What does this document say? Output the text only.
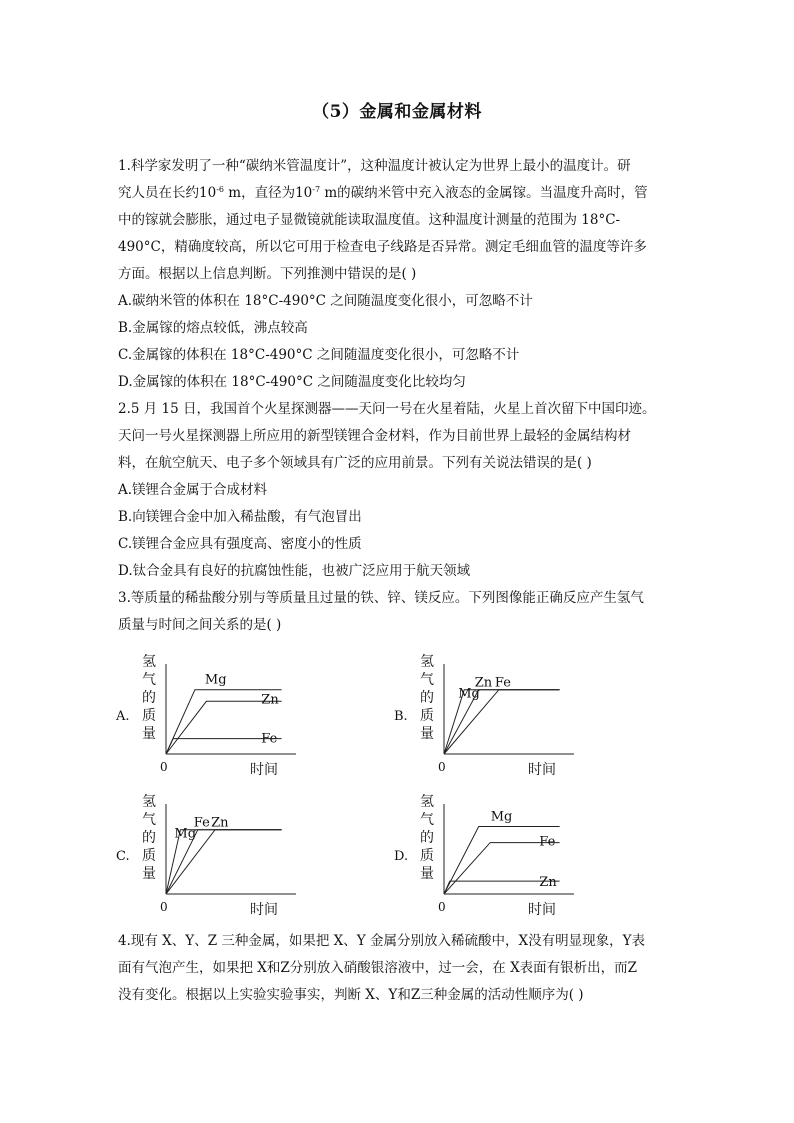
（5）金属和金属材料
1.科学家发明了一种“碳纳米管温度计”，这种温度计被认定为世界上最小的温度计。研
究人员在长约$10^{-6}$ m，直径为$10^{-7}$ m的碳纳米管中充入液态的金属镓。当温度升高时，管
中的镓就会膨胀，通过电子显微镜就能读取温度值。这种温度计测量的范围为 18°C-
490°C，精确度较高，所以它可用于检查电子线路是否异常。测定毛细血管的温度等许多
方面。根据以上信息判断。下列推测中错误的是( )
A.碳纳米管的体积在 18°C-490°C 之间随温度变化很小，可忽略不计
B.金属镓的熔点较低，沸点较高
C.金属镓的体积在 18°C-490°C 之间随温度变化很小，可忽略不计
D.金属镓的体积在 18°C-490°C 之间随温度变化比较均匀
2.5 月 15 日，我国首个火星探测器——天问一号在火星着陆，火星上首次留下中国印迹。
天问一号火星探测器上所应用的新型镁锂合金材料，作为目前世界上最轻的金属结构材
料，在航空航天、电子多个领域具有广泛的应用前景。下列有关说法错误的是( )
A.镁锂合金属于合成材料
B.向镁锂合金中加入稀盐酸，有气泡冒出
C.镁锂合金应具有强度高、密度小的性质
D.钛合金具有良好的抗腐蚀性能，也被广泛应用于航天领域
3.等质量的稀盐酸分别与等质量且过量的铁、锌、镁反应。下列图像能正确反应产生氢气
质量与时间之间关系的是( )
A.
氢
气
的
质
量
0	时间
Mg
Zn
Fe
B.
氢
气
的
质
量
0	时间
Mg
Zn Fe
C.
氢
气
的
质
量
0	时间
Mg
Fe Zn
D.
氢
气
的
质
量
0	时间
Mg
Fe
Zn
4.现有 X、Y、Z 三种金属，如果把 X、Y 金属分别放入稀硫酸中，X没有明显现象，Y表
面有气泡产生，如果把 X和Z分别放入硝酸银溶液中，过一会，在 X表面有银析出，而Z
没有变化。根据以上实验实验事实，判断 X、Y和Z三种金属的活动性顺序为( )
